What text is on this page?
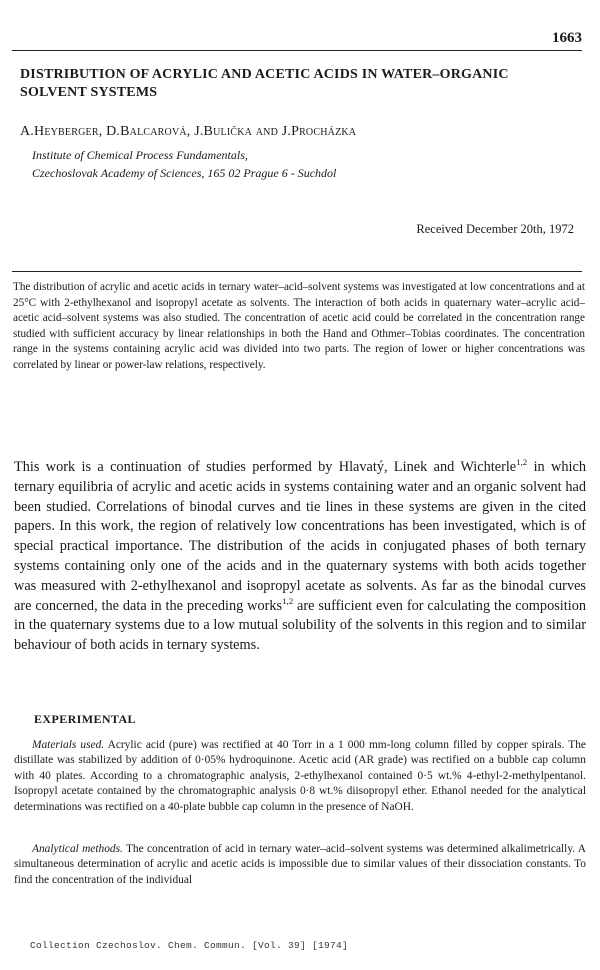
1663
DISTRIBUTION OF ACRYLIC AND ACETIC ACIDS IN WATER–ORGANIC SOLVENT SYSTEMS

A.Heyberger, D.Balcarová, J.Bulička and J.Procházka

Institute of Chemical Process Fundamentals,

Czechoslovak Academy of Sciences, 165 02 Prague 6 - Suchdol

Received December 20th, 1972

The distribution of acrylic and acetic acids in ternary water–acid–solvent systems was investigated at low concentrations and at 25°C with 2-ethylhexanol and isopropyl acetate as solvents. The interaction of both acids in quaternary water–acrylic acid–acetic acid–solvent systems was also studied. The concentration of acetic acid could be correlated in the concentration range studied with sufficient accuracy by linear relationships in both the Hand and Othmer–Tobias coordinates. The concentration range in the systems containing acrylic acid was divided into two parts. The region of lower or higher concentrations was correlated by linear or power-law relations, respectively.

This work is a continuation of studies performed by Hlavatý, Linek and Wichterle$^{1,2}$ in which ternary equilibria of acrylic and acetic acids in systems containing water and an organic solvent had been studied. Correlations of binodal curves and tie lines in these systems are given in the cited papers. In this work, the region of relatively low concentrations has been investigated, which is of special practical importance. The distribution of the acids in conjugated phases of both ternary systems containing only one of the acids and in the quaternary systems with both acids together was measured with 2-ethylhexanol and isopropyl acetate as solvents. As far as the binodal curves are concerned, the data in the preceding works$^{1,2}$ are sufficient even for calculating the composition in the quaternary systems due to a low mutual solubility of the solvents in this region and to similar behaviour of both acids in ternary systems.

EXPERIMENTAL

Materials used. Acrylic acid (pure) was rectified at 40 Torr in a 1 000 mm-long column filled by copper spirals. The distillate was stabilized by addition of 0·05% hydroquinone. Acetic acid (AR grade) was rectified on a bubble cap column with 40 plates. According to a chromatographic analysis, 2-ethylhexanol contained 0·5 wt.% 4-ethyl-2-methylpentanol. Isopropyl acetate contained by the chromatographic analysis 0·8 wt.% diisopropyl ether. Ethanol needed for the analytical determinations was rectified on a 40-plate bubble cap column in the presence of NaOH.

Analytical methods. The concentration of acid in ternary water–acid–solvent systems was determined alkalimetrically. A simultaneous determination of acrylic and acetic acids is impossible due to similar values of their dissociation constants. To find the concentration of the individual

Collection Czechoslov. Chem. Commun. [Vol. 39] [1974]
